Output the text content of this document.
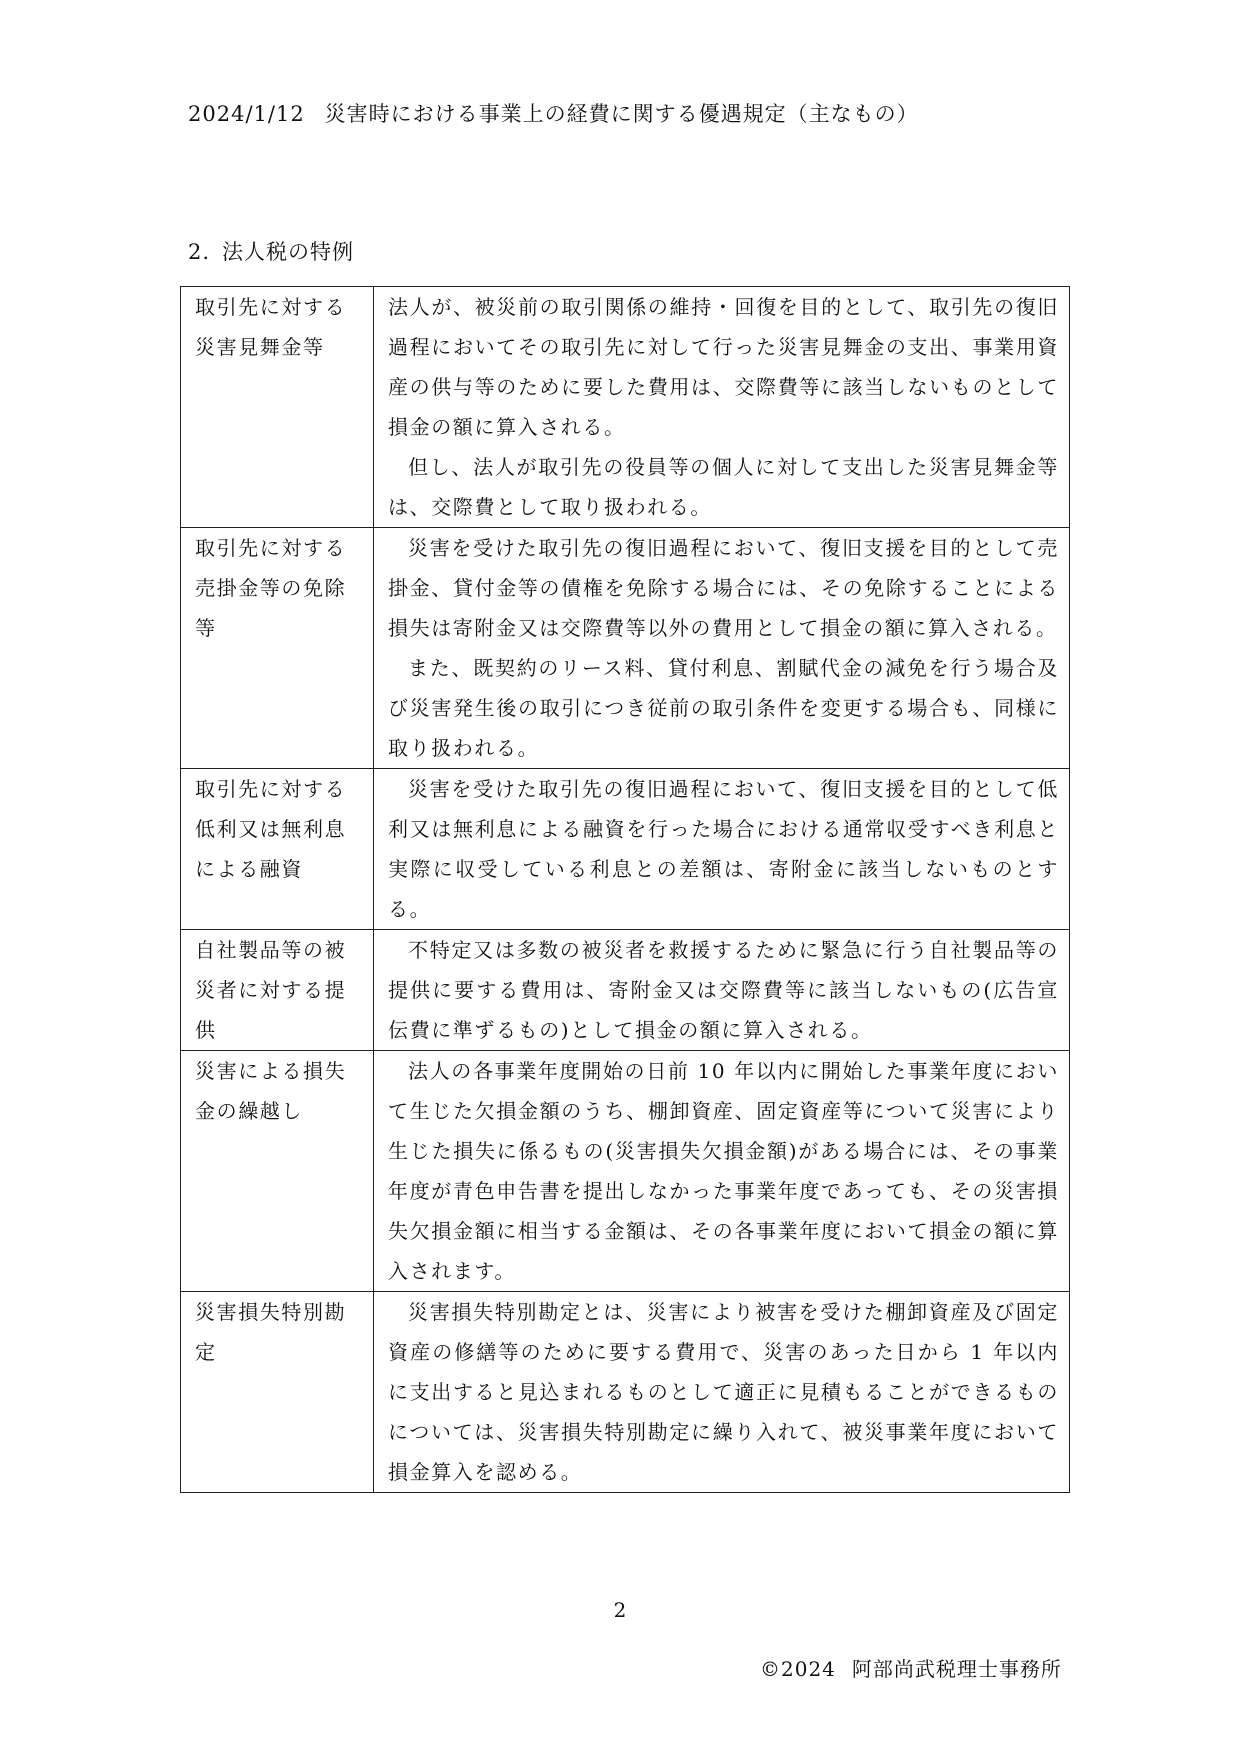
2024/1/12 災害時における事業上の経費に関する優遇規定（主なもの）
2. 法人税の特例
取引先に対する災害見舞金等	法人が、被災前の取引関係の維持・回復を目的として、取引先の復旧過程においてその取引先に対して行った災害見舞金の支出、事業用資産の供与等のために要した費用は、交際費等に該当しないものとして損金の額に算入される。

但し、法人が取引先の役員等の個人に対して支出した災害見舞金等は、交際費として取り扱われる。

取引先に対する売掛金等の免除等	災害を受けた取引先の復旧過程において、復旧支援を目的として売掛金、貸付金等の債権を免除する場合には、その免除することによる損失は寄附金又は交際費等以外の費用として損金の額に算入される。

また、既契約のリース料、貸付利息、割賦代金の減免を行う場合及び災害発生後の取引につき従前の取引条件を変更する場合も、同様に取り扱われる。

取引先に対する低利又は無利息による融資	災害を受けた取引先の復旧過程において、復旧支援を目的として低利又は無利息による融資を行った場合における通常収受すべき利息と実際に収受している利息との差額は、寄附金に該当しないものとする。

自社製品等の被災者に対する提供	不特定又は多数の被災者を救援するために緊急に行う自社製品等の提供に要する費用は、寄附金又は交際費等に該当しないもの(広告宣伝費に準ずるもの)として損金の額に算入される。

災害による損失金の繰越し	法人の各事業年度開始の日前 10 年以内に開始した事業年度において生じた欠損金額のうち、棚卸資産、固定資産等について災害により生じた損失に係るもの(災害損失欠損金額)がある場合には、その事業年度が青色申告書を提出しなかった事業年度であっても、その災害損失欠損金額に相当する金額は、その各事業年度において損金の額に算入されます。

災害損失特別勘定	災害損失特別勘定とは、災害により被害を受けた棚卸資産及び固定資産の修繕等のために要する費用で、災害のあった日から 1 年以内に支出すると見込まれるものとして適正に見積もることができるものについては、災害損失特別勘定に繰り入れて、被災事業年度において損金算入を認める。

2
©2024 阿部尚武税理士事務所
